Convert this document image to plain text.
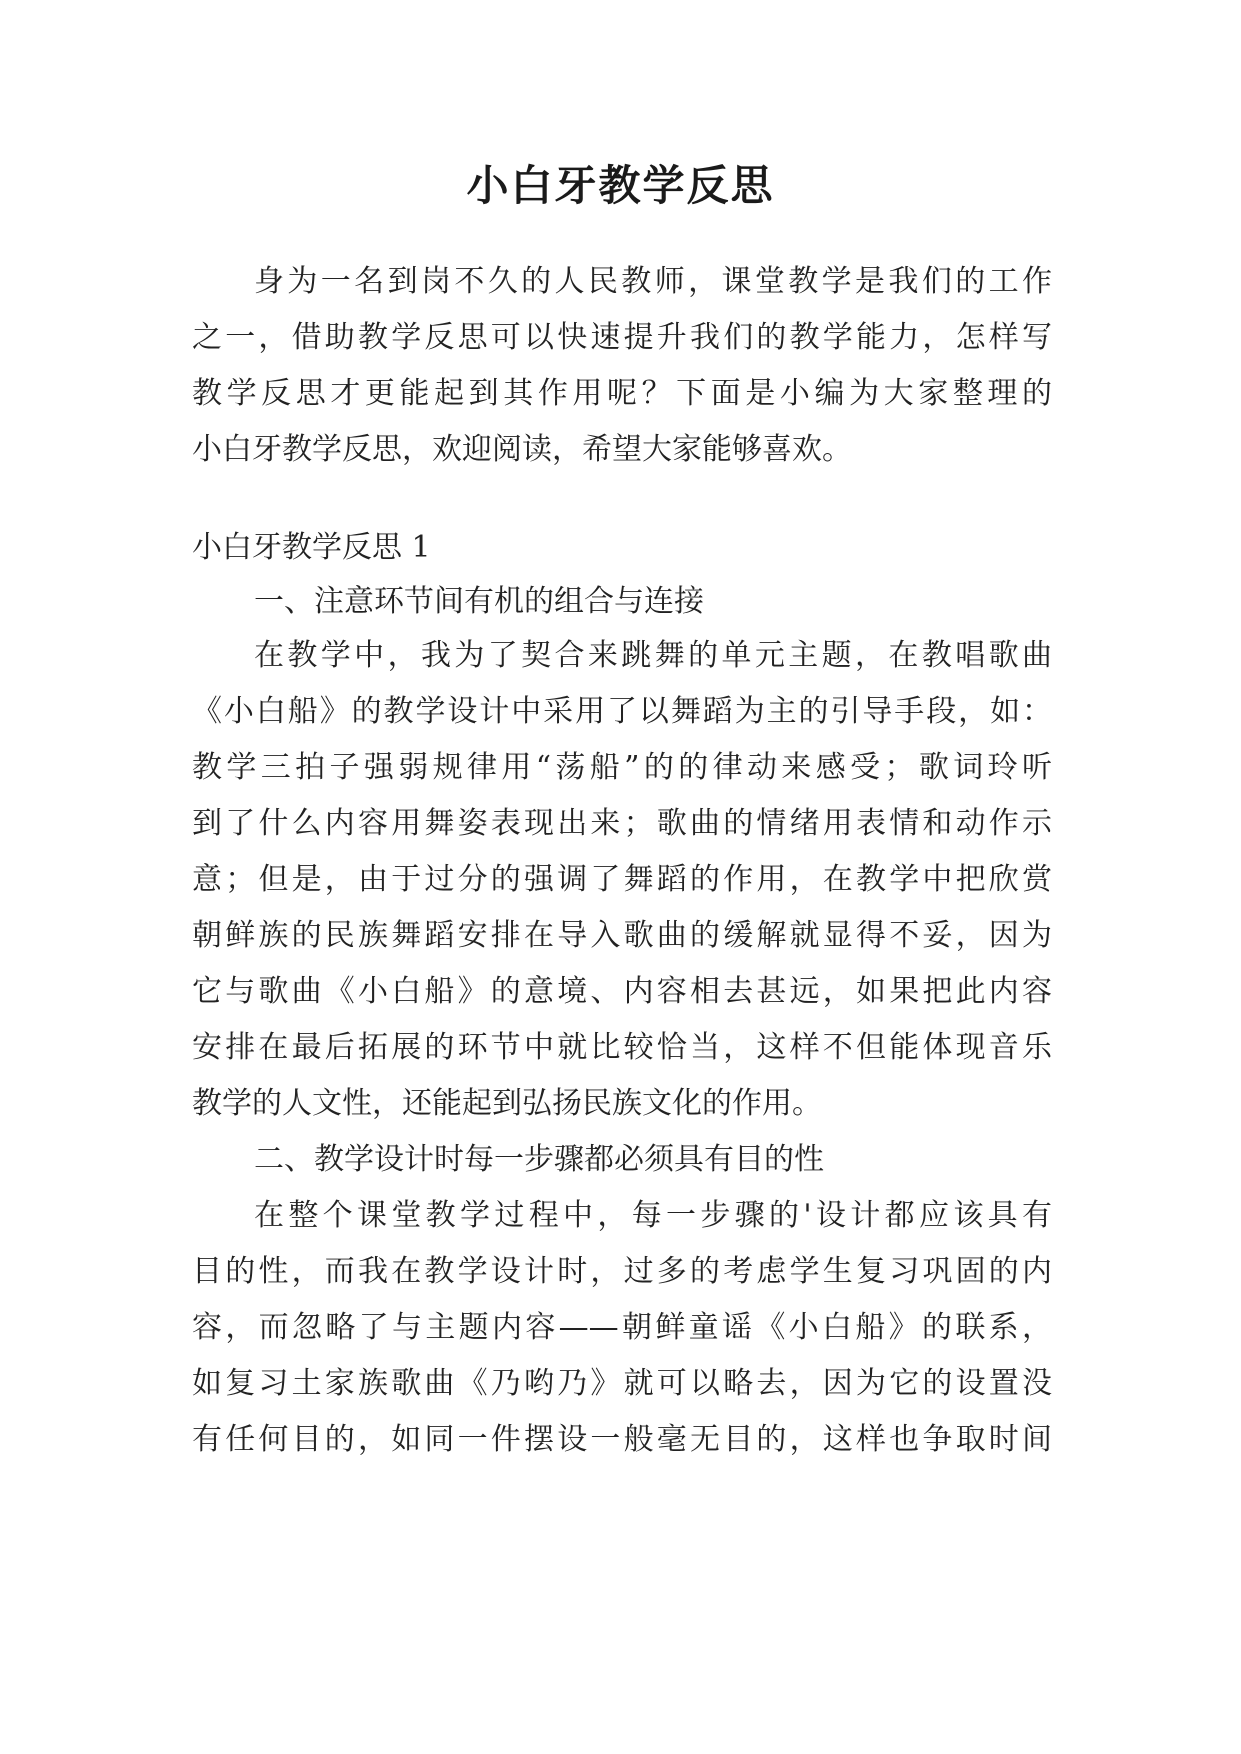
小白牙教学反思
身为一名到岗不久的人民教师，课堂教学是我们的工作
之一，借助教学反思可以快速提升我们的教学能力，怎样写
教学反思才更能起到其作用呢？下面是小编为大家整理的
小白牙教学反思，欢迎阅读，希望大家能够喜欢。
小白牙教学反思 1
一、注意环节间有机的组合与连接
在教学中，我为了契合来跳舞的单元主题，在教唱歌曲
《小白船》的教学设计中采用了以舞蹈为主的引导手段，如：
教学三拍子强弱规律用“荡船”的的律动来感受；歌词玲听
到了什么内容用舞姿表现出来；歌曲的情绪用表情和动作示
意；但是，由于过分的强调了舞蹈的作用，在教学中把欣赏
朝鲜族的民族舞蹈安排在导入歌曲的缓解就显得不妥，因为
它与歌曲《小白船》的意境、内容相去甚远，如果把此内容
安排在最后拓展的环节中就比较恰当，这样不但能体现音乐
教学的人文性，还能起到弘扬民族文化的作用。
二、教学设计时每一步骤都必须具有目的性
在整个课堂教学过程中，每一步骤的'设计都应该具有
目的性，而我在教学设计时，过多的考虑学生复习巩固的内
容，而忽略了与主题内容——朝鲜童谣《小白船》的联系，
如复习土家族歌曲《乃哟乃》就可以略去，因为它的设置没
有任何目的，如同一件摆设一般毫无目的，这样也争取时间
